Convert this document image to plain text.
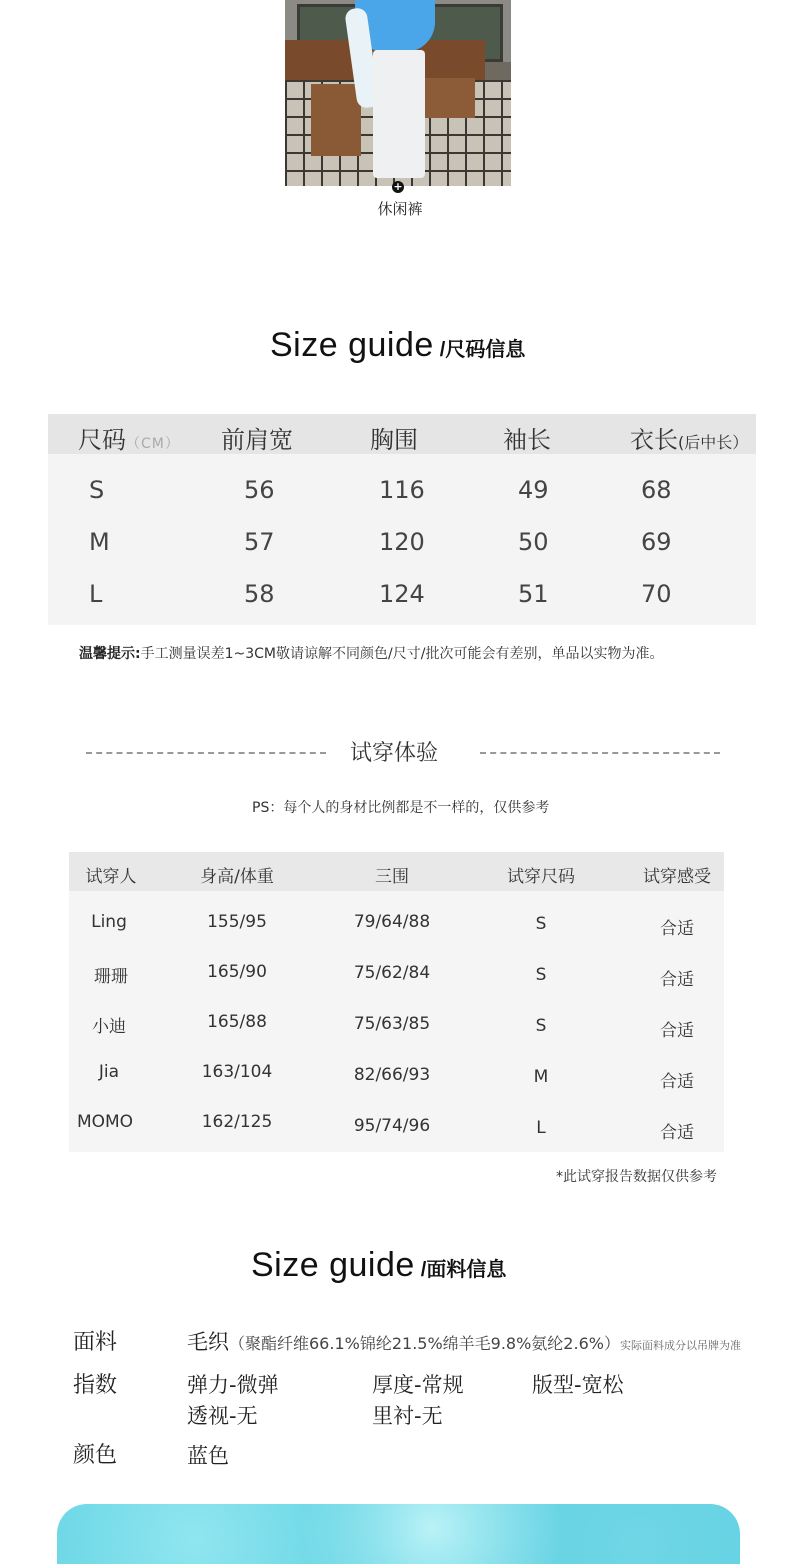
+
休闲裤
Size guide /尺码信息
尺码（CM） 前肩宽	胸围	袖长	衣长(后中长）
S	56	116	49	68
M	57	120	50	69
L	58	124	51	70
温馨提示:手工测量误差1~3CM敬请谅解不同颜色/尺寸/批次可能会有差别，单品以实物为准。
试穿体验
PS：每个人的身材比例都是不一样的，仅供参考
试穿人	身高/体重	三围	试穿尺码	试穿感受
Ling	155/95	79/64/88	S	合适
珊珊	165/90	75/62/84	S	合适
小迪	165/88	75/63/85	S	合适
Jia	163/104	82/66/93	M	合适
MOMO	162/125	95/74/96	L	合适
*此试穿报告数据仅供参考
Size guide /面料信息
面料	毛织（聚酯纤维66.1%锦纶21.5%绵羊毛9.8%氨纶2.6%）实际面料成分以吊牌为准
指数	弹力-微弹	厚度-常规	版型-宽松
透视-无	里衬-无
颜色	蓝色
